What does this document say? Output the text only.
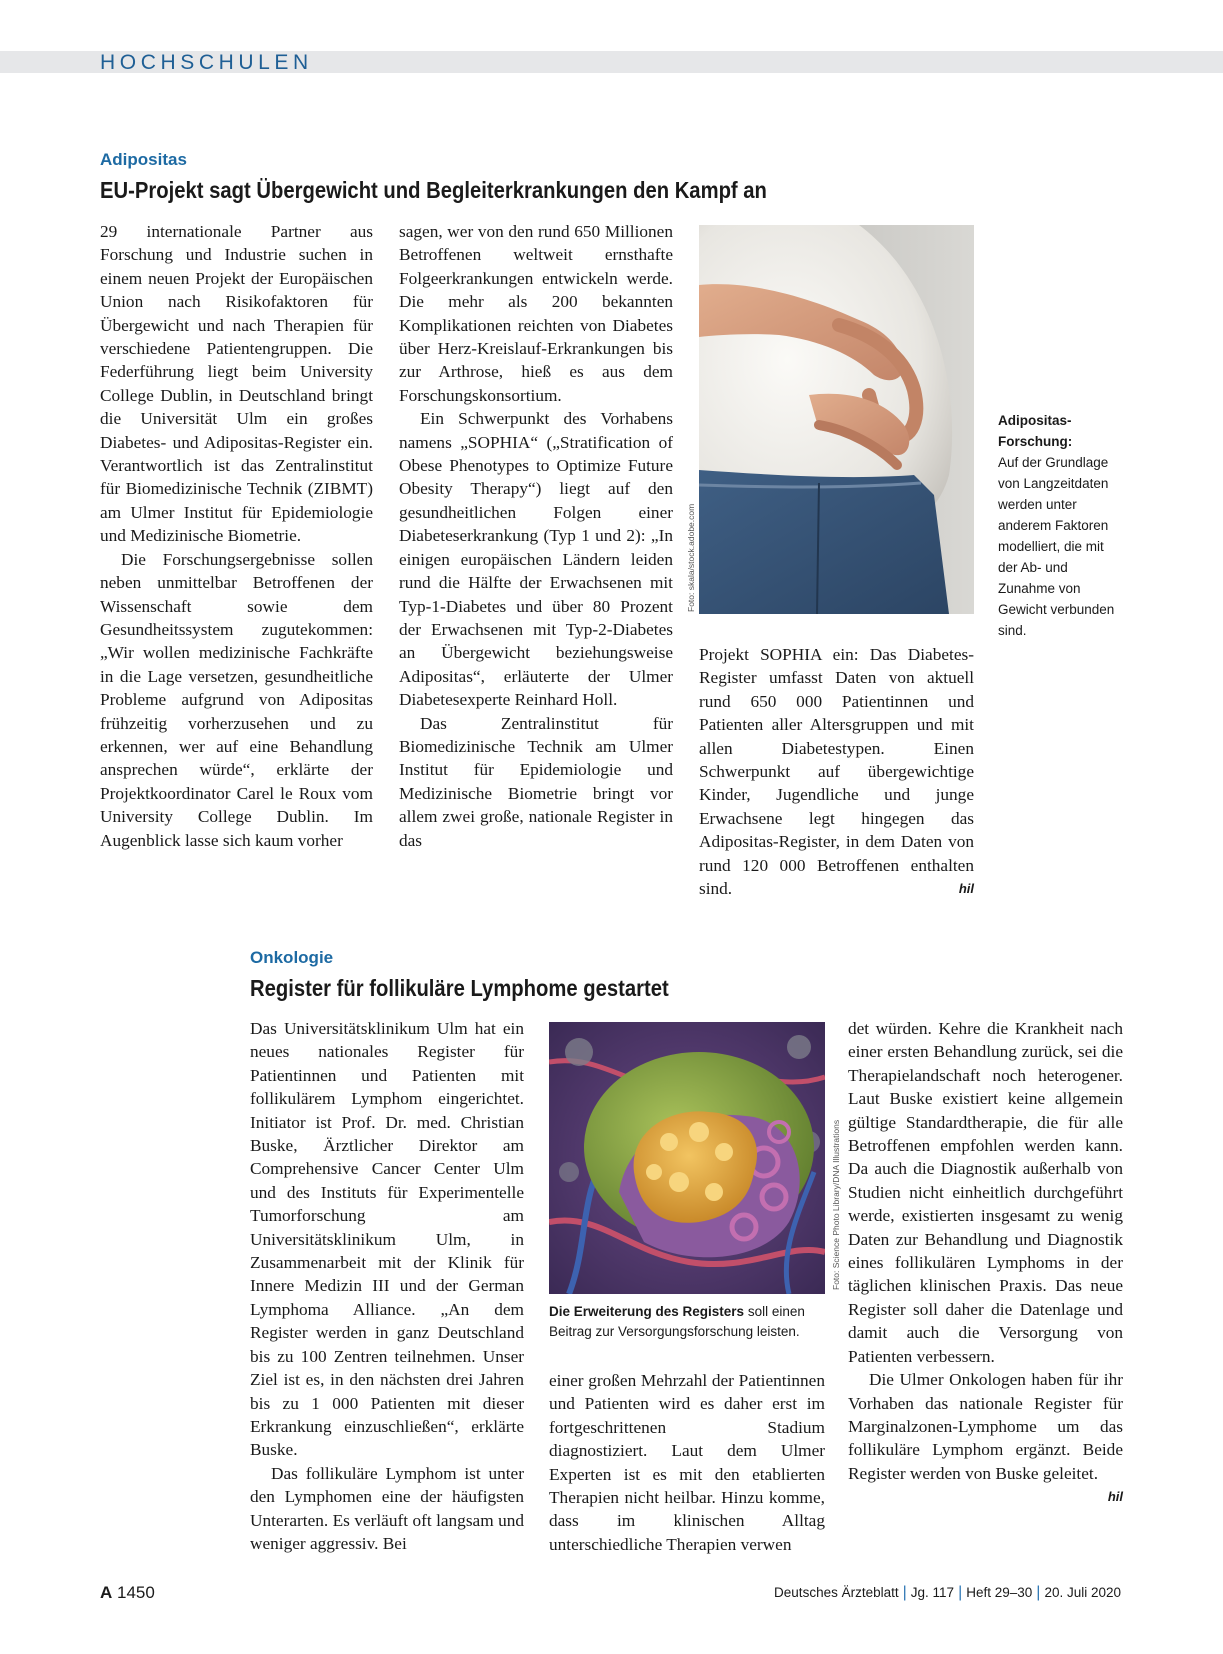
HOCHSCHULEN
Adipositas
EU-Projekt sagt Übergewicht und Begleiterkrankungen den Kampf an

29 internationale Partner aus Forschung und Industrie suchen in einem neuen Projekt der Europäischen Union nach Risikofaktoren für Übergewicht und nach Therapien für verschiedene Patientengruppen. Die Federführung liegt beim University College Dublin, in Deutschland bringt die Universität Ulm ein großes Diabetes- und Adipositas-Register ein. Verantwortlich ist das Zentralinstitut für Biomedizinische Technik (ZIBMT) am Ulmer Institut für Epidemiologie und Medizinische Biometrie.

Die Forschungsergebnisse sollen neben unmittelbar Betroffenen der Wissenschaft sowie dem Gesundheitssystem zugutekommen: „Wir wollen medizinische Fachkräfte in die Lage versetzen, gesundheitliche Probleme aufgrund von Adipositas frühzeitig vorherzusehen und zu erkennen, wer auf eine Behandlung ansprechen würde“, erklärte der Projektkoordinator Carel le Roux vom University College Dublin. Im Augenblick lasse sich kaum vorher

sagen, wer von den rund 650 Millionen Betroffenen weltweit ernsthafte Folgeerkrankungen entwickeln werde. Die mehr als 200 bekannten Komplikationen reichten von Diabetes über Herz-Kreislauf-Erkrankungen bis zur Arthrose, hieß es aus dem Forschungskonsortium.

Ein Schwerpunkt des Vorhabens namens „SOPHIA“ („Stratification of Obese Phenotypes to Optimize Future Obesity Therapy“) liegt auf den gesundheitlichen Folgen einer Diabeteserkrankung (Typ 1 und 2): „In einigen europäischen Ländern leiden rund die Hälfte der Erwachsenen mit Typ-1-Diabetes und über 80 Prozent der Erwachsenen mit Typ-2-Diabetes an Übergewicht beziehungsweise Adipositas“, erläuterte der Ulmer Diabetesexperte Reinhard Holl.

Das Zentralinstitut für Biomedizinische Technik am Ulmer Institut für Epidemiologie und Medizinische Biometrie bringt vor allem zwei große, nationale Register in das

Foto: skala/stock.adobe.com
Adipositas-Forschung:
Auf der Grundlage von Langzeitdaten werden unter anderem Faktoren modelliert, die mit der Ab- und Zunahme von Gewicht verbunden sind.

Projekt SOPHIA ein: Das Diabetes-Register umfasst Daten von aktuell rund 650 000 Patientinnen und Patienten aller Altersgruppen und mit allen Diabetestypen. Einen Schwerpunkt auf übergewichtige Kinder, Jugendliche und junge Erwachsene legt hingegen das Adipositas-Register, in dem Daten von rund 120 000 Betroffenen enthalten sind.	hil

Onkologie
Register für follikuläre Lymphome gestartet

Das Universitätsklinikum Ulm hat ein neues nationales Register für Patientinnen und Patienten mit follikulärem Lymphom eingerichtet. Initiator ist Prof. Dr. med. Christian Buske, Ärztlicher Direktor am Comprehensive Cancer Center Ulm und des Instituts für Experimentelle Tumorforschung am Universitätsklinikum Ulm, in Zusammenarbeit mit der Klinik für Innere Medizin III und der German Lymphoma Alliance. „An dem Register werden in ganz Deutschland bis zu 100 Zentren teilnehmen. Unser Ziel ist es, in den nächsten drei Jahren bis zu 1 000 Patienten mit dieser Erkrankung einzuschließen“, erklärte Buske.

Das follikuläre Lymphom ist unter den Lymphomen eine der häufigsten Unterarten. Es verläuft oft langsam und weniger aggressiv. Bei

Foto: Science Photo Library/DNA Illustrations
Die Erweiterung des Registers soll einen Beitrag zur Versorgungsforschung leisten.

einer großen Mehrzahl der Patientinnen und Patienten wird es daher erst im fortgeschrittenen Stadium diagnostiziert. Laut dem Ulmer Experten ist es mit den etablierten Therapien nicht heilbar. Hinzu komme, dass im klinischen Alltag unterschiedliche Therapien verwen

det würden. Kehre die Krankheit nach einer ersten Behandlung zurück, sei die Therapielandschaft noch heterogener. Laut Buske existiert keine allgemein gültige Standardtherapie, die für alle Betroffenen empfohlen werden kann. Da auch die Diagnostik außerhalb von Studien nicht einheitlich durchgeführt werde, existierten insgesamt zu wenig Daten zur Behandlung und Diagnostik eines follikulären Lymphoms in der täglichen klinischen Praxis. Das neue Register soll daher die Datenlage und damit auch die Versorgung von Patienten verbessern.

Die Ulmer Onkologen haben für ihr Vorhaben das nationale Register für Marginalzonen-Lymphome um das follikuläre Lymphom ergänzt. Beide Register werden von Buske geleitet.
hil

A 1450	Deutsches Ärzteblatt | Jg. 117 | Heft 29–30 | 20. Juli 2020
